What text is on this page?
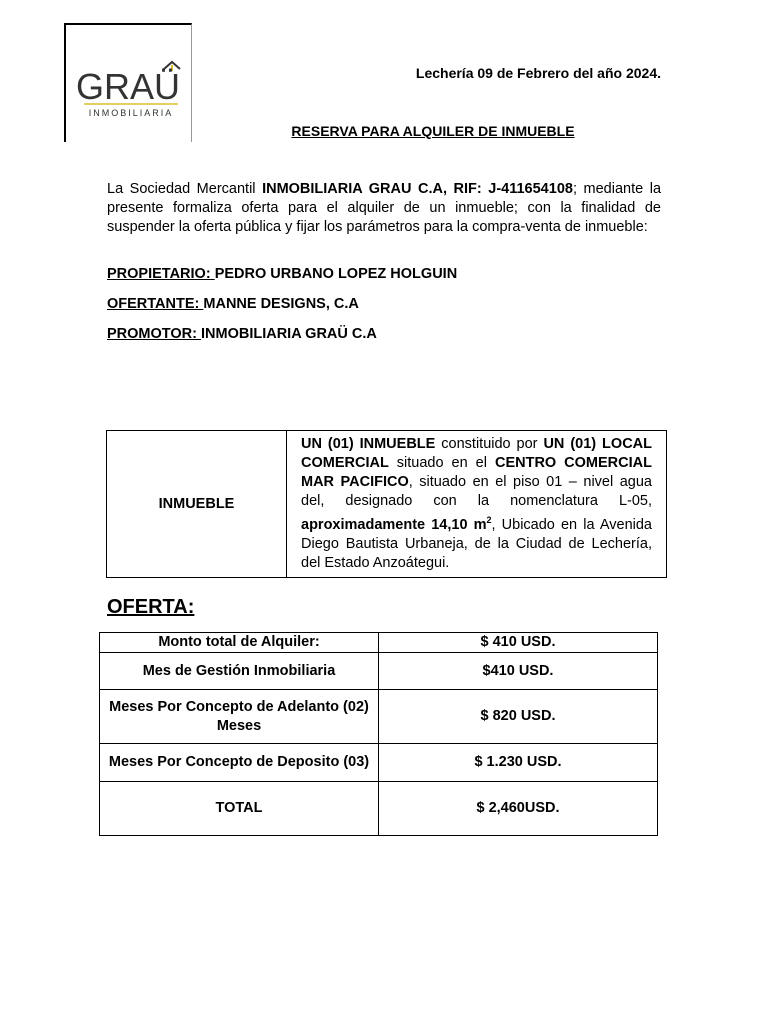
GRAÜ
INMOBILIARIA
Lechería 09 de Febrero del año 2024.
RESERVA PARA ALQUILER DE INMUEBLE
La Sociedad Mercantil INMOBILIARIA GRAU C.A, RIF: J-411654108; mediante la presente formaliza oferta para el alquiler de un inmueble; con la finalidad de suspender la oferta pública y fijar los parámetros para la compra-venta de inmueble:
PROPIETARIO: PEDRO URBANO LOPEZ HOLGUIN
OFERTANTE: MANNE DESIGNS, C.A
PROMOTOR: INMOBILIARIA GRAÜ C.A
INMUEBLE	UN (01) INMUEBLE constituido por UN (01) LOCAL COMERCIAL situado en el CENTRO COMERCIAL MAR PACIFICO, situado en el piso 01 – nivel agua del, designado con la nomenclatura L-05, aproximadamente 14,10 $m^2$, Ubicado en la Avenida Diego Bautista Urbaneja, de la Ciudad de Lechería, del Estado Anzoátegui.
OFERTA:
Monto total de Alquiler:	$ 410 USD.
Mes de Gestión Inmobiliaria	$410 USD.
Meses Por Concepto de Adelanto (02) Meses	$ 820 USD.
Meses Por Concepto de Deposito (03)	$ 1.230 USD.
TOTAL	$ 2,460USD.
